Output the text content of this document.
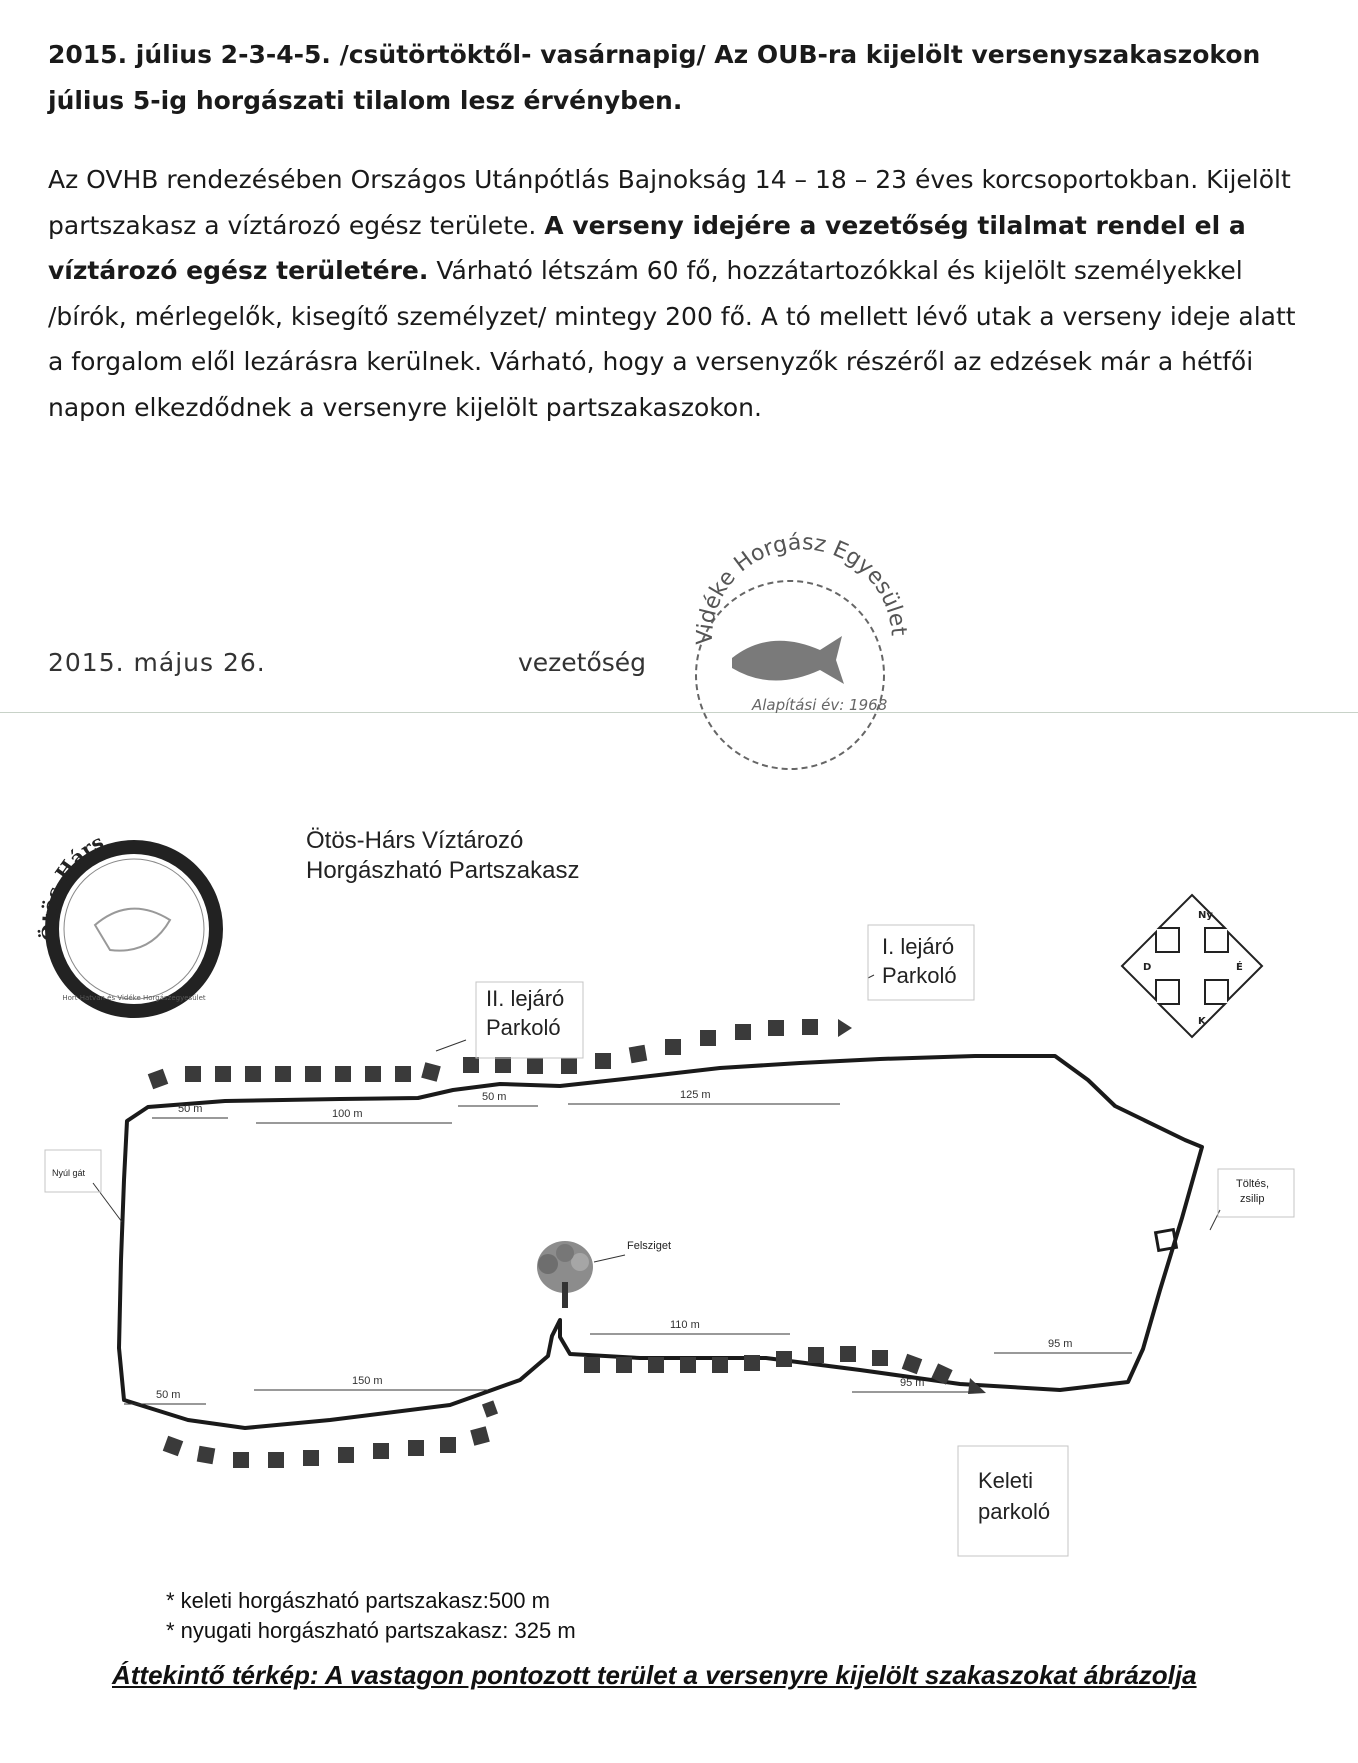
2015. július 2-3-4-5. /csütörtöktől- vasárnapig/ Az OUB-ra kijelölt versenyszakaszokon július 5-ig horgászati tilalom lesz érvényben.

Az OVHB rendezésében Országos Utánpótlás Bajnokság 14 – 18 – 23 éves korcsoportokban. Kijelölt partszakasz a víztározó egész területe. A verseny idejére a vezetőség tilalmat rendel el a víztározó egész területére. Várható létszám 60 fő, hozzátartozókkal és kijelölt személyekkel /bírók, mérlegelők, kisegítő személyzet/ mintegy 200 fő. A tó mellett lévő utak a verseny ideje alatt a forgalom elől lezárásra kerülnek. Várható, hogy a versenyzők részéről az edzések már a hétfői napon elkezdődnek a versenyre kijelölt partszakaszokon.

2015. május 26.	vezetőség
Ötös-Hárs Víztározó
Horgászható Partszakasz
Vidéke Horgász Egyesület
Alapítási év: 1968
Ötös-Hárs
Hort Hatvan és Vidéke Horgászegyesület
Ny
D	É
K
50 m	100 m
50 m	125 m
110 m
95 m
50 m
150 m	95 m
I. lejáró
Parkoló
II. lejáró
Parkoló
Keleti
parkoló
Töltés,
zsilip
Nyúl gát
Felsziget
* keleti horgászható partszakasz:500 m
* nyugati horgászható partszakasz: 325 m
Áttekintő térkép: A vastagon pontozott terület a versenyre kijelölt szakaszokat ábrázolja
